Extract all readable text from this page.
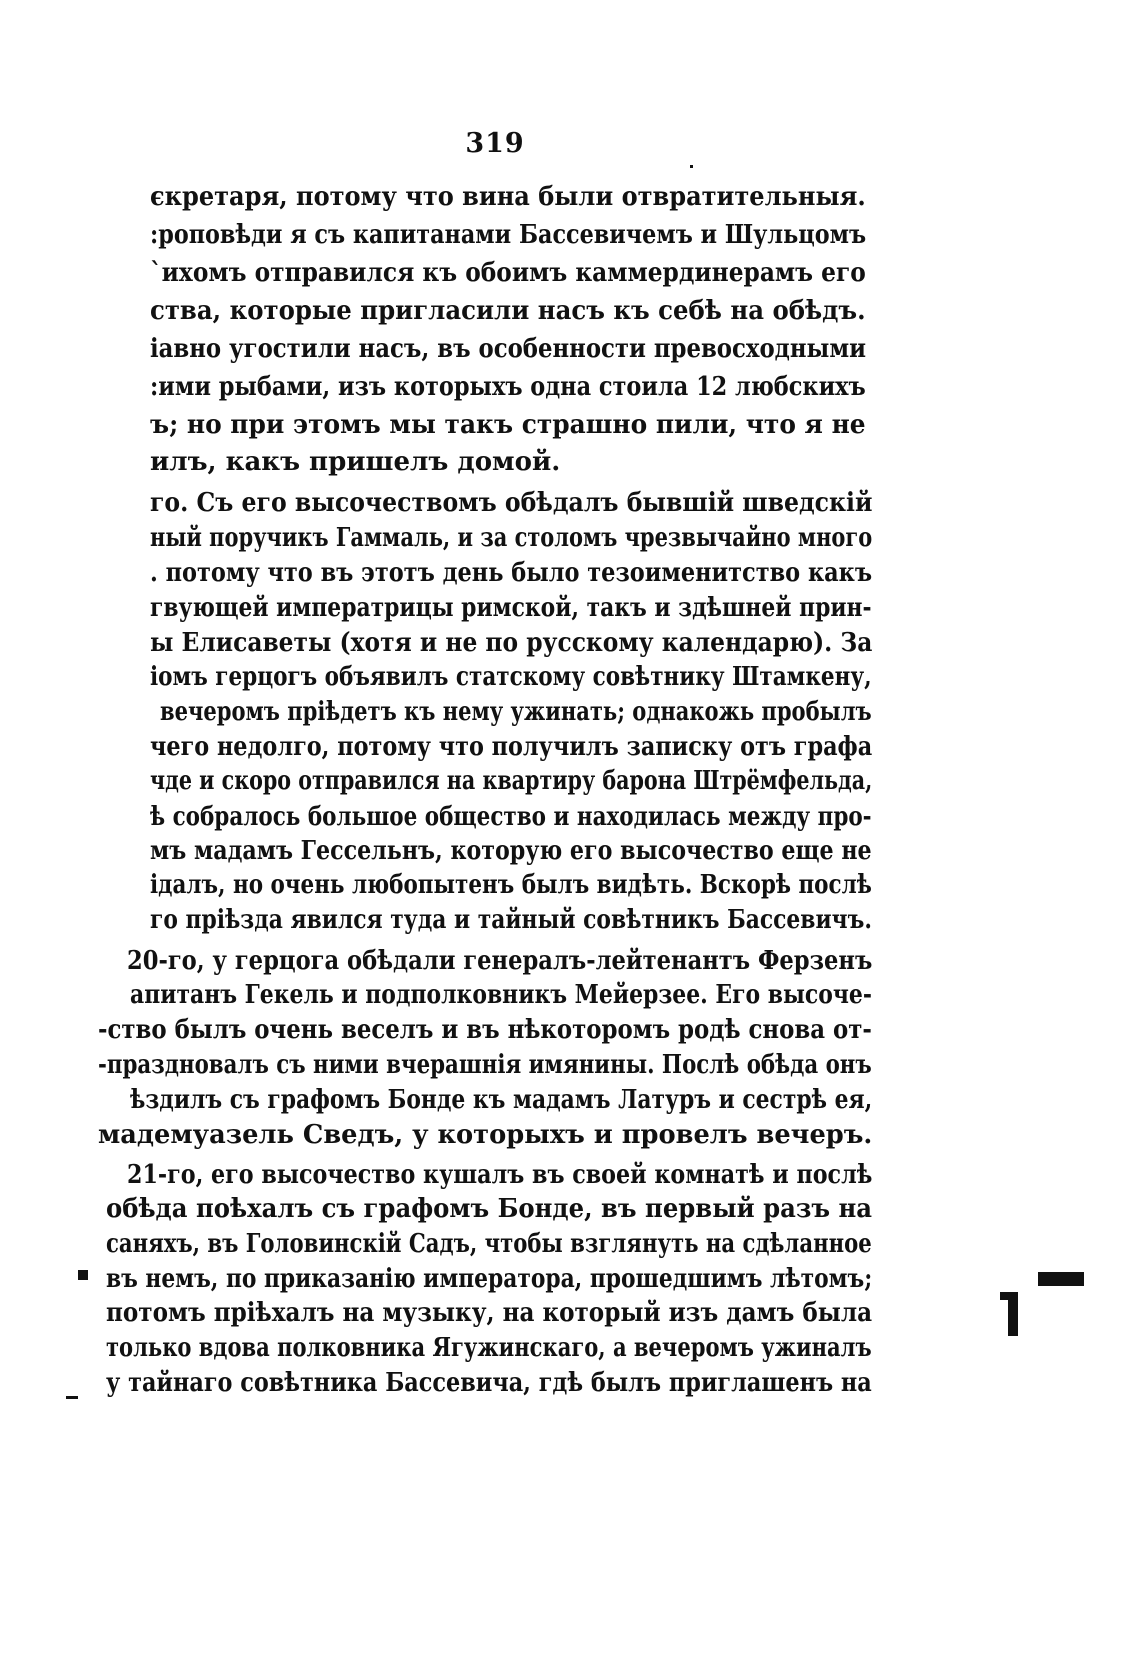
319
єкретаря, потому что вина были отвратительныя.
:роповѣди я съ капитанами Бассевичемъ и Шульцомъ
`ихомъ отправился къ обоимъ каммердинерамъ его
ства, которые пригласили насъ къ себѣ на обѣдъ.
іавно угостили насъ, въ особенности превосходными
:ими рыбами, изъ которыхъ одна стоила 12 любскихъ
ъ; но при этомъ мы такъ страшно пили, что я не
илъ, какъ пришелъ домой.
го. Съ его высочествомъ обѣдалъ бывшій шведскій
ный поручикъ Гаммаль, и за столомъ чрезвычайно много
. потому что въ этотъ день было тезоименитство какъ
гвующей императрицы римской, такъ и здѣшней прин-
ы Елисаветы (хотя и не по русскому календарю). За
іомъ герцогъ объявилъ статскому совѣтнику Штамкену,
вечеромъ пріѣдетъ къ нему ужинать; однакожь пробылъ
чего недолго, потому что получилъ записку отъ графа
чде и скоро отправился на квартиру барона Штрёмфельда,
ѣ собралось большое общество и находилась между про-
мъ мадамъ Гессельнъ, которую его высочество еще не
ідалъ, но очень любопытенъ былъ видѣть. Вскорѣ послѣ
го пріѣзда явился туда и тайный совѣтникъ Бассевичъ.
20-го, у герцога обѣдали генералъ-лейтенантъ Ферзенъ
апитанъ Гекель и подполковникъ Мейерзее. Его высоче-
-ство былъ очень веселъ и въ нѣкоторомъ родѣ снова от-
-праздновалъ съ ними вчерашнія имянины. Послѣ обѣда онъ
ѣздилъ съ графомъ Бонде къ мадамъ Латуръ и сестрѣ ея,
мадемуазель Сведъ, у которыхъ и провелъ вечеръ.
21-го, его высочество кушалъ въ своей комнатѣ и послѣ
обѣда поѣхалъ съ графомъ Бонде, въ первый разъ на
саняхъ, въ Головинскій Садъ, чтобы взглянуть на сдѣланное
въ немъ, по приказанію императора, прошедшимъ лѣтомъ;
потомъ пріѣхалъ на музыку, на который изъ дамъ была
только вдова полковника Ягужинскаго, а вечеромъ ужиналъ
у тайнаго совѣтника Бассевича, гдѣ былъ приглашенъ на
